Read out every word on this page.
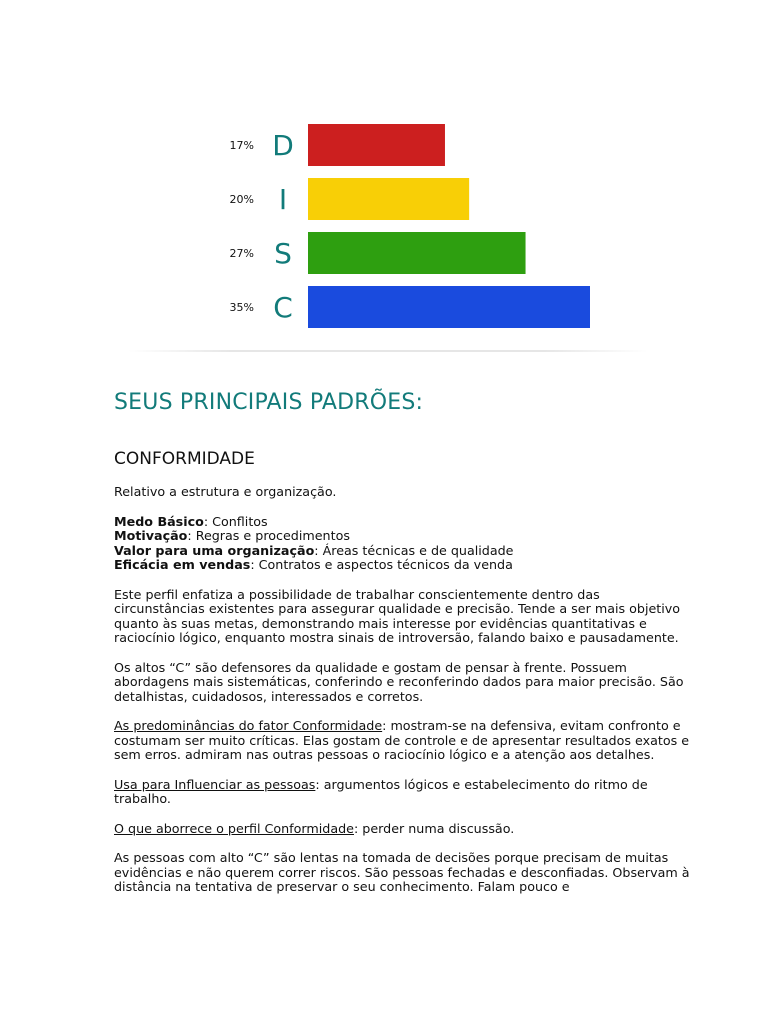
17% D
20% I
27% S
35% C
SEUS PRINCIPAIS PADRÕES:
CONFORMIDADE

Relativo a estrutura e organização.

Medo Básico: Conflitos
Motivação: Regras e procedimentos
Valor para uma organização: Áreas técnicas e de qualidade
Eficácia em vendas: Contratos e aspectos técnicos da venda

Este perfil enfatiza a possibilidade de trabalhar conscientemente dentro das circunstâncias existentes para assegurar qualidade e precisão. Tende a ser mais objetivo quanto às suas metas, demonstrando mais interesse por evidências quantitativas e raciocínio lógico, enquanto mostra sinais de introversão, falando baixo e pausadamente.

Os altos “C” são defensores da qualidade e gostam de pensar à frente. Possuem abordagens mais sistemáticas, conferindo e reconferindo dados para maior precisão. São detalhistas, cuidadosos, interessados e corretos.

As predominâncias do fator Conformidade: mostram-se na defensiva, evitam confronto e costumam ser muito críticas. Elas gostam de controle e de apresentar resultados exatos e sem erros. admiram nas outras pessoas o raciocínio lógico e a atenção aos detalhes.

Usa para Influenciar as pessoas: argumentos lógicos e estabelecimento do ritmo de trabalho.

O que aborrece o perfil Conformidade: perder numa discussão.

As pessoas com alto “C” são lentas na tomada de decisões porque precisam de muitas evidências e não querem correr riscos. São pessoas fechadas e desconfiadas. Observam à distância na tentativa de preservar o seu conhecimento. Falam pouco e
